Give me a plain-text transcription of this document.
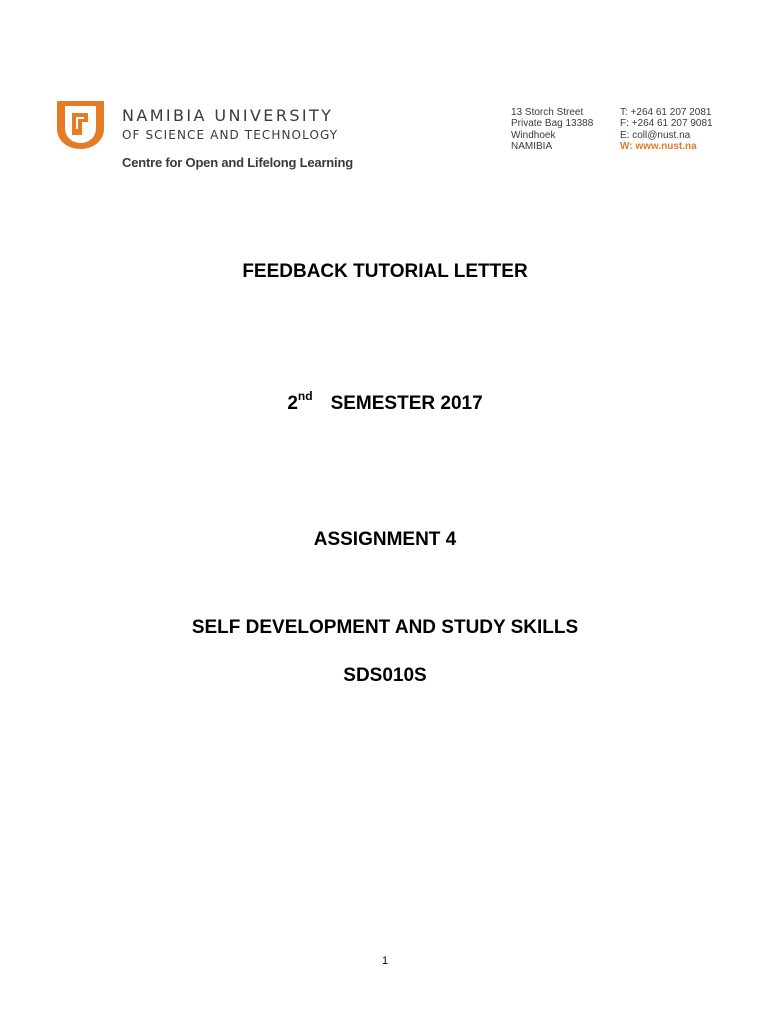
NAMIBIA UNIVERSITY
OF SCIENCE AND TECHNOLOGY
Centre for Open and Lifelong Learning
13 Storch Street
Private Bag 13388
Windhoek
NAMIBIA
T: +264 61 207 2081
F: +264 61 207 9081
E: coll@nust.na
W: www.nust.na
FEEDBACK TUTORIAL LETTER
2nd SEMESTER 2017
ASSIGNMENT 4
SELF DEVELOPMENT AND STUDY SKILLS
SDS010S
1
